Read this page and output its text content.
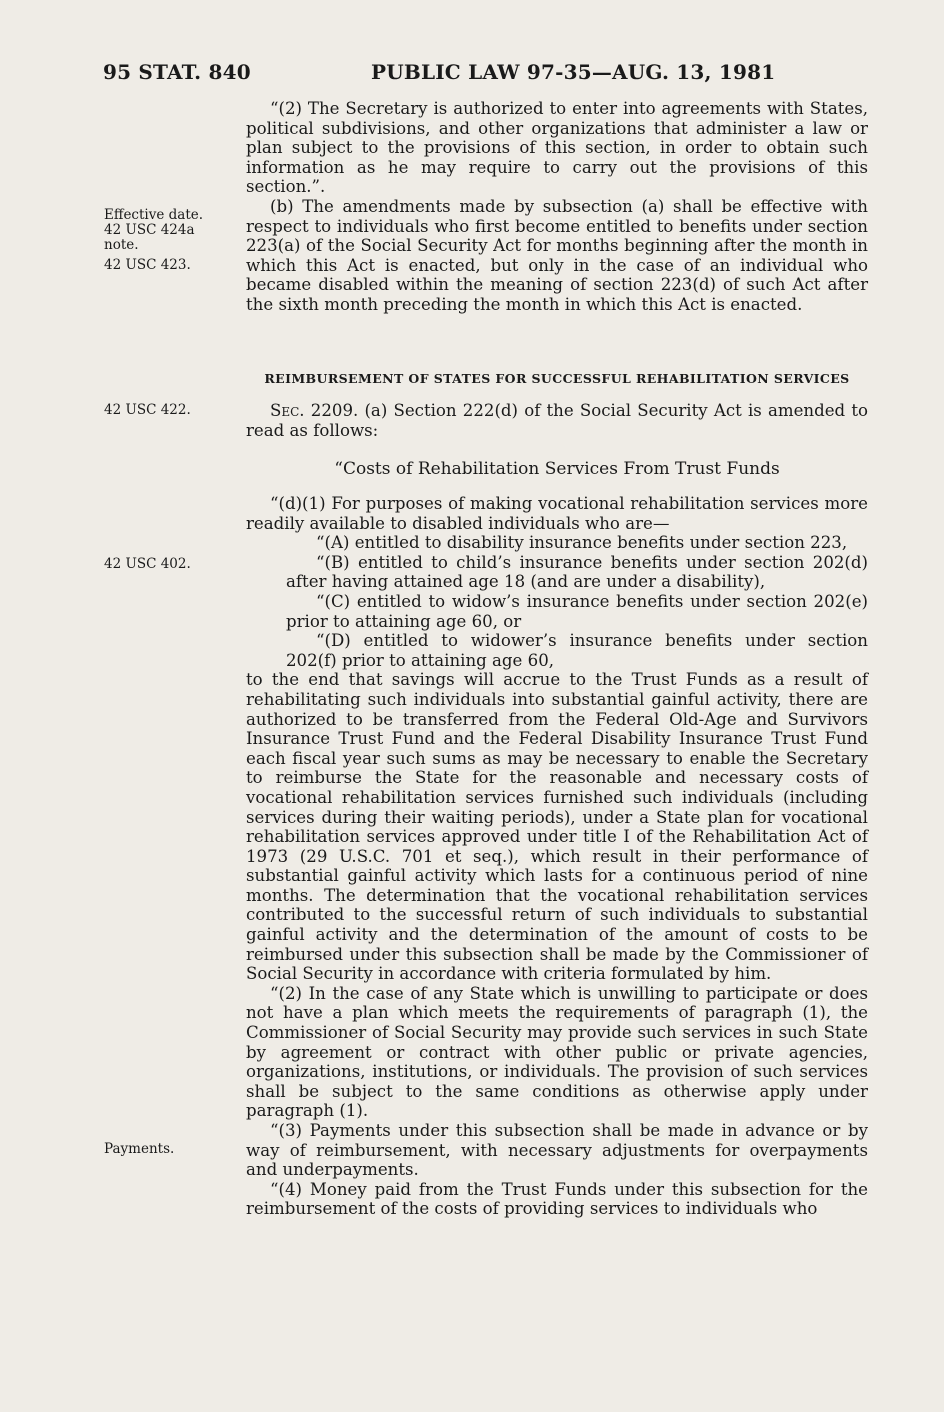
95 STAT. 840	PUBLIC LAW 97-35—AUG. 13, 1981
Effective date.
42 USC 424a
note.
42 USC 423.
42 USC 422.
42 USC 402.
Payments.

“(2) The Secretary is authorized to enter into agreements with States, political subdivisions, and other organizations that administer a law or plan subject to the provisions of this section, in order to obtain such information as he may require to carry out the provisions of this section.”.

(b) The amendments made by subsection (a) shall be effective with respect to individuals who first become entitled to benefits under section 223(a) of the Social Security Act for months beginning after the month in which this Act is enacted, but only in the case of an individual who became disabled within the meaning of section 223(d) of such Act after the sixth month preceding the month in which this Act is enacted.

REIMBURSEMENT OF STATES FOR SUCCESSFUL REHABILITATION SERVICES

Sec. 2209. (a) Section 222(d) of the Social Security Act is amended to read as follows:

“Costs of Rehabilitation Services From Trust Funds

“(d)(1) For purposes of making vocational rehabilitation services more readily available to disabled individuals who are—

“(A) entitled to disability insurance benefits under section 223,

“(B) entitled to child’s insurance benefits under section 202(d) after having attained age 18 (and are under a disability),

“(C) entitled to widow’s insurance benefits under section 202(e) prior to attaining age 60, or

“(D) entitled to widower’s insurance benefits under section 202(f) prior to attaining age 60,

to the end that savings will accrue to the Trust Funds as a result of rehabilitating such individuals into substantial gainful activity, there are authorized to be transferred from the Federal Old-Age and Survivors Insurance Trust Fund and the Federal Disability Insurance Trust Fund each fiscal year such sums as may be necessary to enable the Secretary to reimburse the State for the reasonable and necessary costs of vocational rehabilitation services furnished such individuals (including services during their waiting periods), under a State plan for vocational rehabilitation services approved under title I of the Rehabilitation Act of 1973 (29 U.S.C. 701 et seq.), which result in their performance of substantial gainful activity which lasts for a continuous period of nine months. The determination that the vocational rehabilitation services contributed to the successful return of such individuals to substantial gainful activity and the determination of the amount of costs to be reimbursed under this subsection shall be made by the Commissioner of Social Security in accordance with criteria formulated by him.

“(2) In the case of any State which is unwilling to participate or does not have a plan which meets the requirements of paragraph (1), the Commissioner of Social Security may provide such services in such State by agreement or contract with other public or private agencies, organizations, institutions, or individuals. The provision of such services shall be subject to the same conditions as otherwise apply under paragraph (1).

“(3) Payments under this subsection shall be made in advance or by way of reimbursement, with necessary adjustments for overpayments and underpayments.

“(4) Money paid from the Trust Funds under this subsection for the reimbursement of the costs of providing services to individuals who
